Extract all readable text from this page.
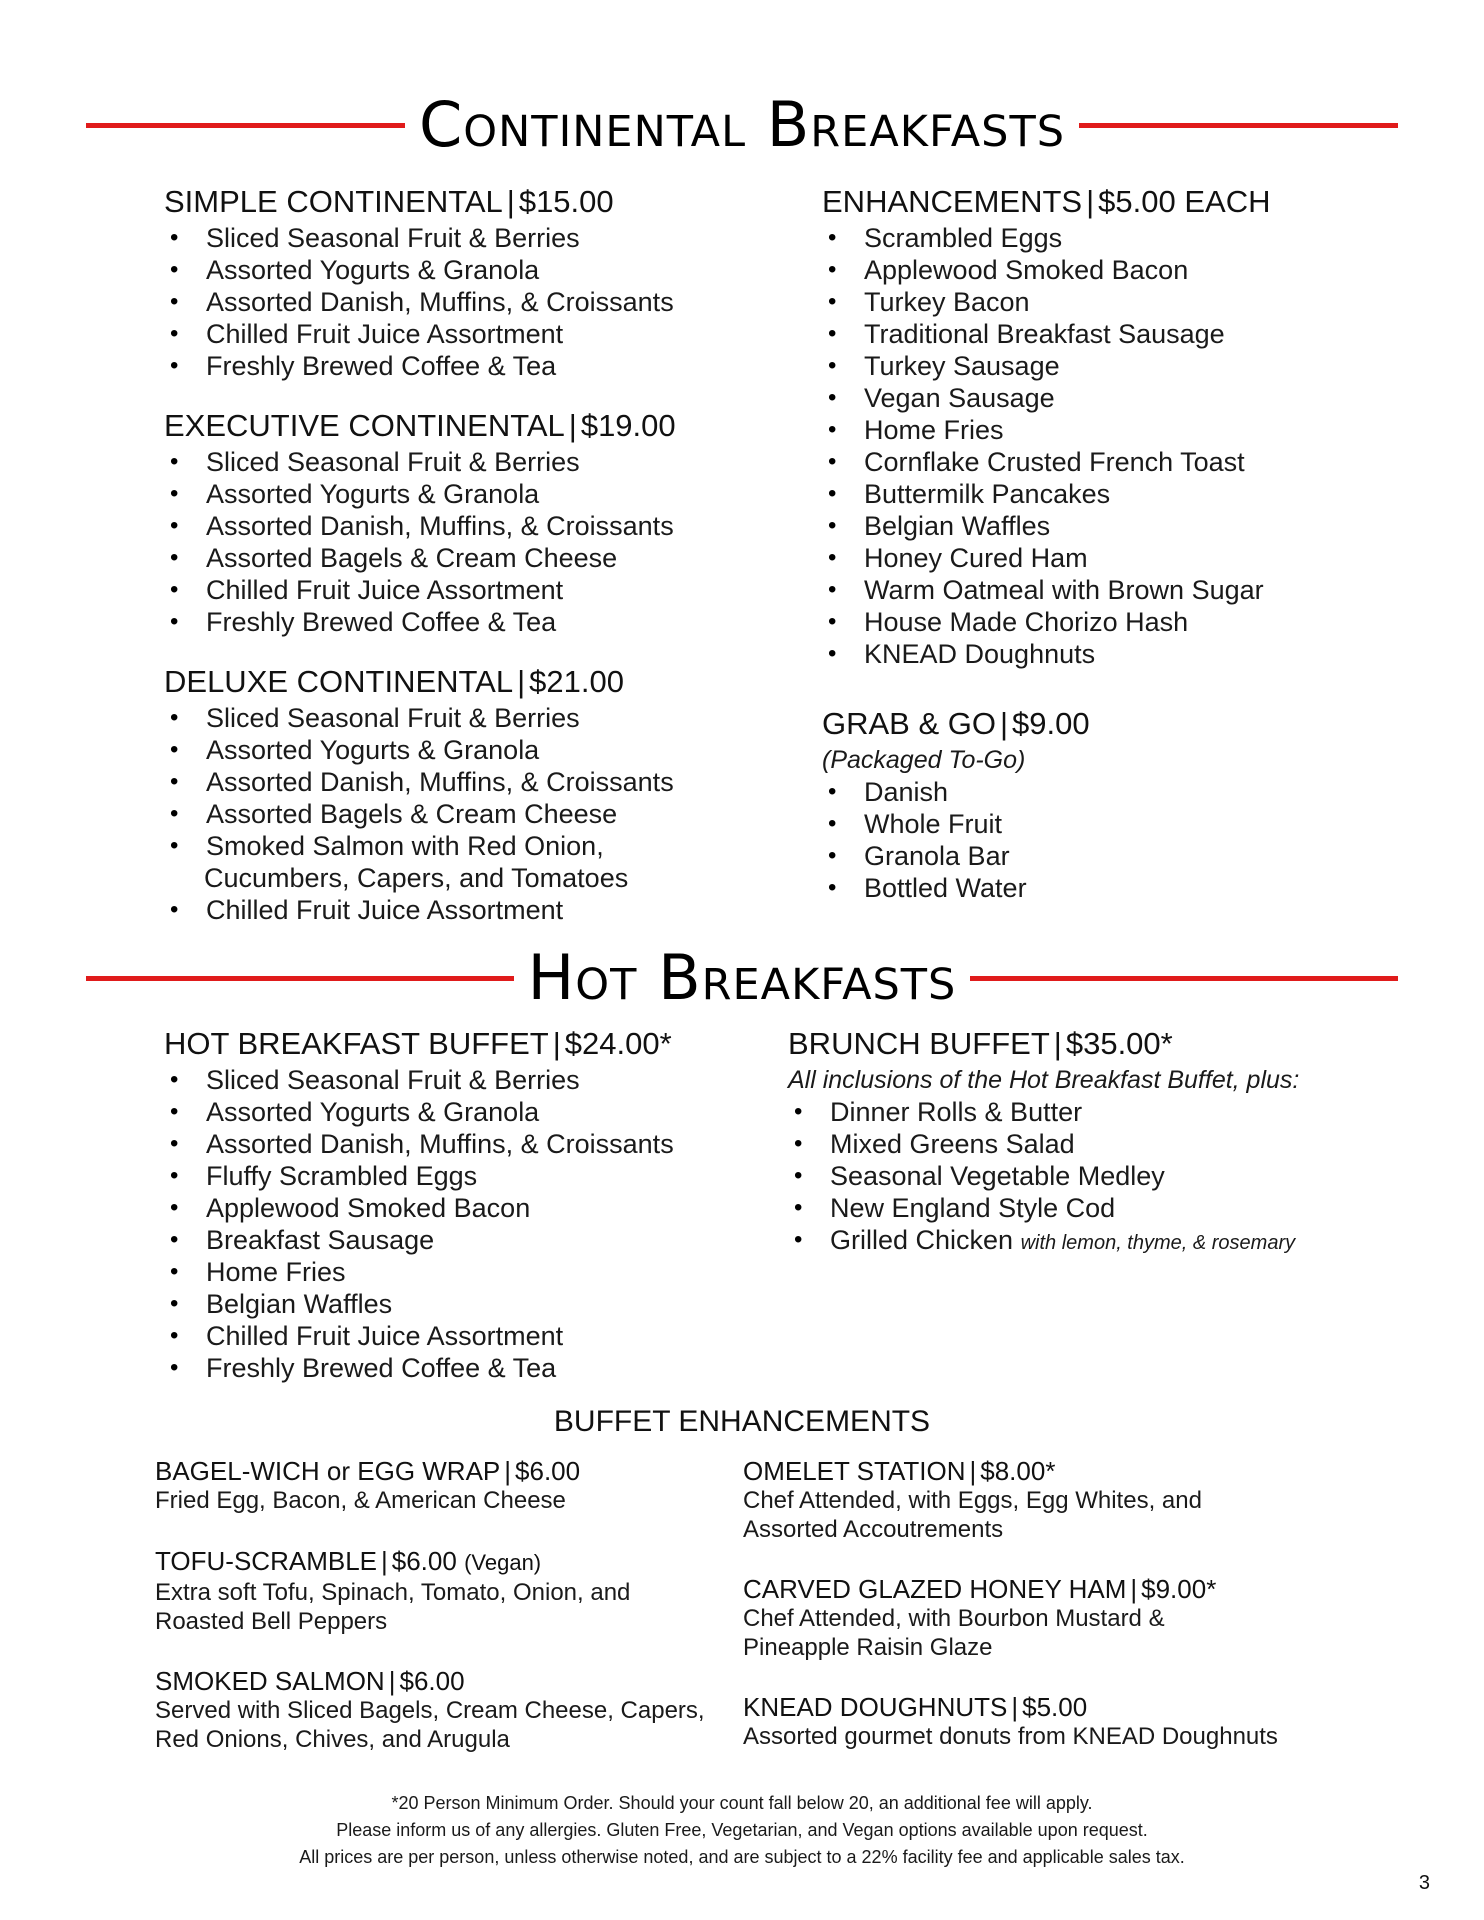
Continental Breakfasts
SIMPLE CONTINENTAL | $15.00
• Sliced Seasonal Fruit & Berries
• Assorted Yogurts & Granola
• Assorted Danish, Muffins, & Croissants
• Chilled Fruit Juice Assortment
• Freshly Brewed Coffee & Tea
EXECUTIVE CONTINENTAL | $19.00
• Sliced Seasonal Fruit & Berries
• Assorted Yogurts & Granola
• Assorted Danish, Muffins, & Croissants
• Assorted Bagels & Cream Cheese
• Chilled Fruit Juice Assortment
• Freshly Brewed Coffee & Tea
DELUXE CONTINENTAL | $21.00
• Sliced Seasonal Fruit & Berries
• Assorted Yogurts & Granola
• Assorted Danish, Muffins, & Croissants
• Assorted Bagels & Cream Cheese
• Smoked Salmon with Red Onion,
Cucumbers, Capers, and Tomatoes
• Chilled Fruit Juice Assortment
ENHANCEMENTS | $5.00 EACH
• Scrambled Eggs
• Applewood Smoked Bacon
• Turkey Bacon
• Traditional Breakfast Sausage
• Turkey Sausage
• Vegan Sausage
• Home Fries
• Cornflake Crusted French Toast
• Buttermilk Pancakes
• Belgian Waffles
• Honey Cured Ham
• Warm Oatmeal with Brown Sugar
• House Made Chorizo Hash
• KNEAD Doughnuts
GRAB & GO | $9.00
(Packaged To-Go)
• Danish
• Whole Fruit
• Granola Bar
• Bottled Water
Hot Breakfasts
HOT BREAKFAST BUFFET | $24.00*
• Sliced Seasonal Fruit & Berries
• Assorted Yogurts & Granola
• Assorted Danish, Muffins, & Croissants
• Fluffy Scrambled Eggs
• Applewood Smoked Bacon
• Breakfast Sausage
• Home Fries
• Belgian Waffles
• Chilled Fruit Juice Assortment
• Freshly Brewed Coffee & Tea
BRUNCH BUFFET | $35.00*
All inclusions of the Hot Breakfast Buffet, plus:
• Dinner Rolls & Butter
• Mixed Greens Salad
• Seasonal Vegetable Medley
• New England Style Cod
• Grilled Chicken with lemon, thyme, & rosemary
BUFFET ENHANCEMENTS
BAGEL-WICH or EGG WRAP | $6.00
Fried Egg, Bacon, & American Cheese
TOFU-SCRAMBLE | $6.00 (Vegan)
Extra soft Tofu, Spinach, Tomato, Onion, and
Roasted Bell Peppers
SMOKED SALMON | $6.00
Served with Sliced Bagels, Cream Cheese, Capers,
Red Onions, Chives, and Arugula
OMELET STATION | $8.00*
Chef Attended, with Eggs, Egg Whites, and
Assorted Accoutrements
CARVED GLAZED HONEY HAM | $9.00*
Chef Attended, with Bourbon Mustard &
Pineapple Raisin Glaze
KNEAD DOUGHNUTS | $5.00
Assorted gourmet donuts from KNEAD Doughnuts
*20 Person Minimum Order. Should your count fall below 20, an additional fee will apply.
Please inform us of any allergies. Gluten Free, Vegetarian, and Vegan options available upon request.
All prices are per person, unless otherwise noted, and are subject to a 22% facility fee and applicable sales tax.
3
